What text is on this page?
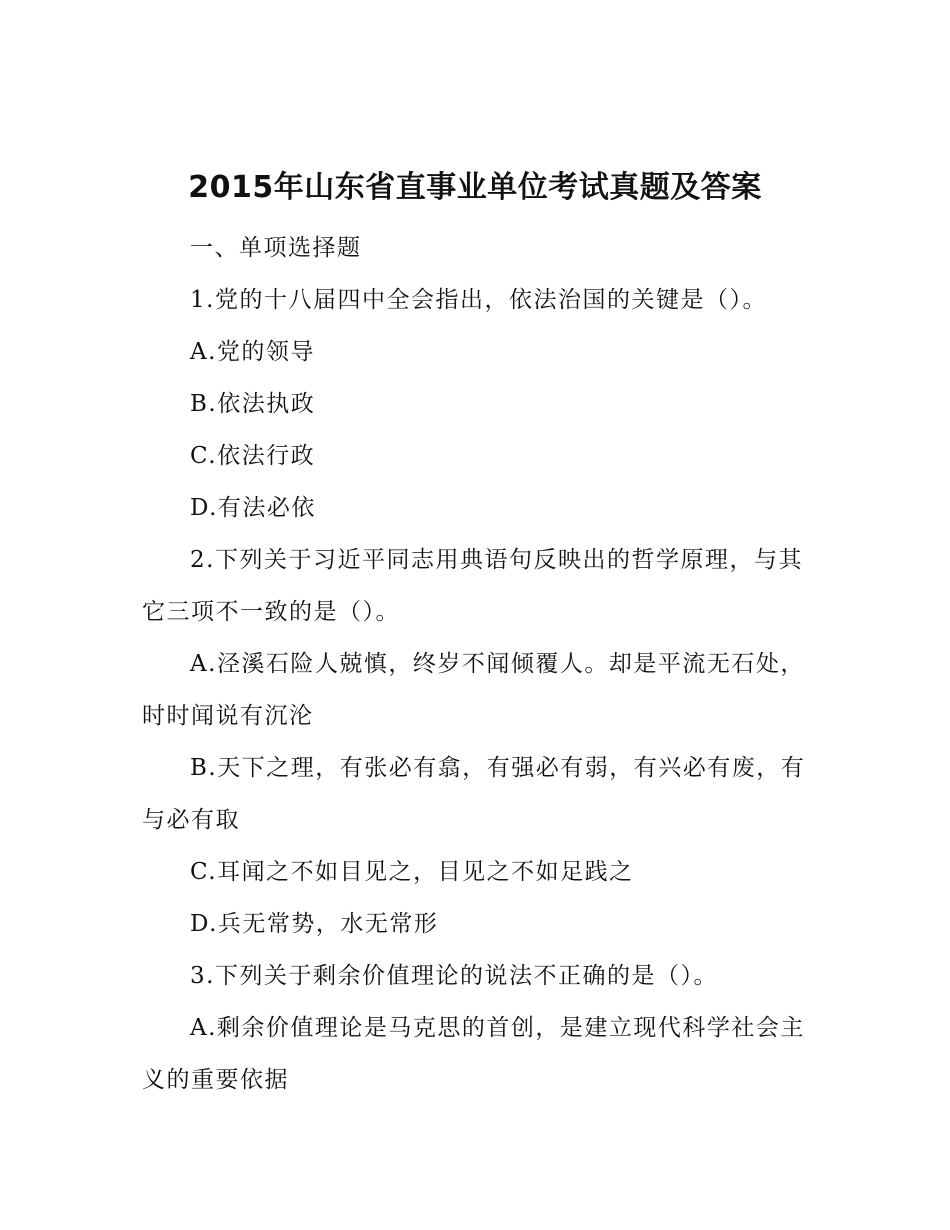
2015年山东省直事业单位考试真题及答案
一、单项选择题
1.党的十八届四中全会指出，依法治国的关键是（）。
A.党的领导
B.依法执政
C.依法行政
D.有法必依
2.下列关于习近平同志用典语句反映出的哲学原理，与其
它三项不一致的是（）。
A.泾溪石险人兢慎，终岁不闻倾覆人。却是平流无石处，
时时闻说有沉沦
B.天下之理，有张必有翕，有强必有弱，有兴必有废，有
与必有取
C.耳闻之不如目见之，目见之不如足践之
D.兵无常势，水无常形
3.下列关于剩余价值理论的说法不正确的是（）。
A.剩余价值理论是马克思的首创，是建立现代科学社会主
义的重要依据
